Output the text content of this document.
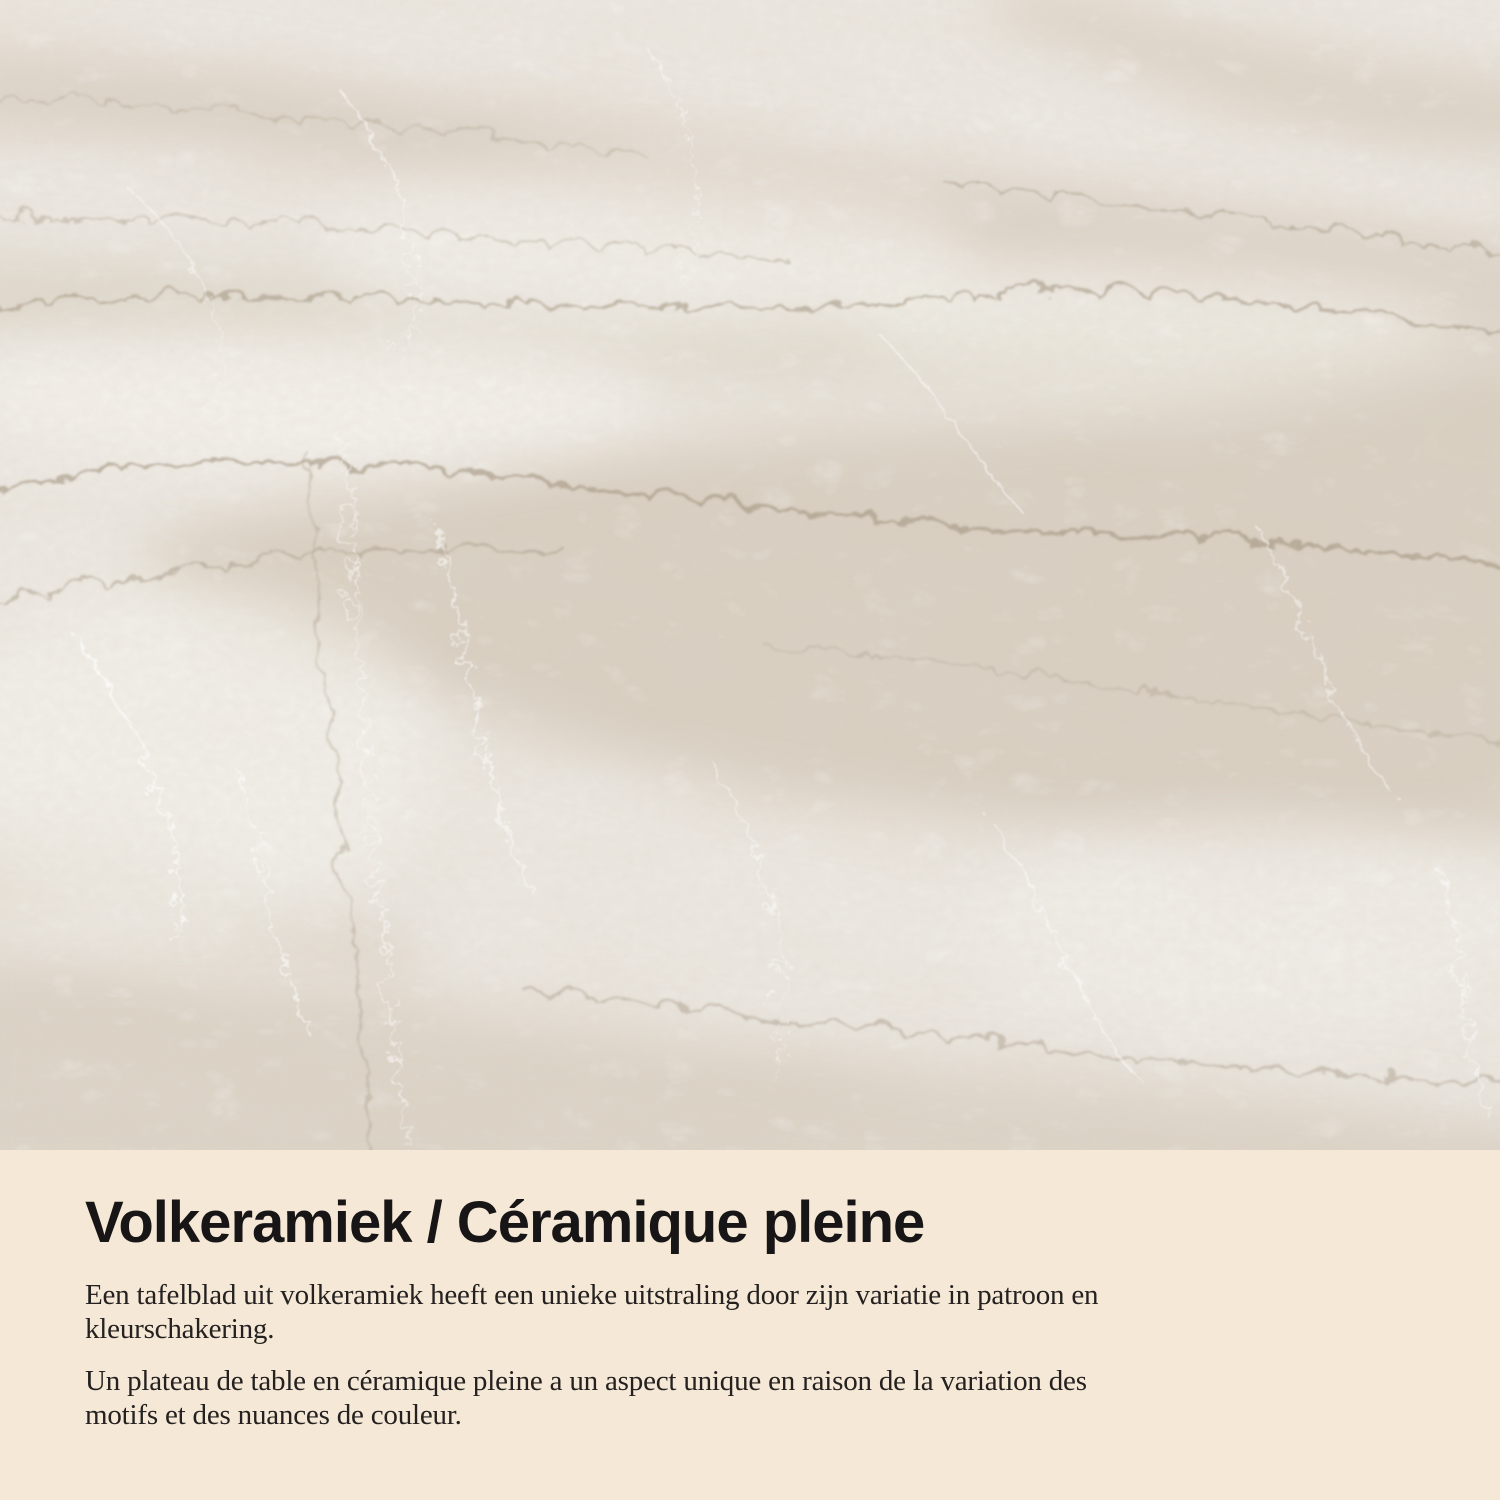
Volkeramiek / Céramique pleine

Een tafelblad uit volkeramiek heeft een unieke uitstraling door zijn variatie in patroon en
kleurschakering.

Un plateau de table en céramique pleine a un aspect unique en raison de la variation des
motifs et des nuances de couleur.
